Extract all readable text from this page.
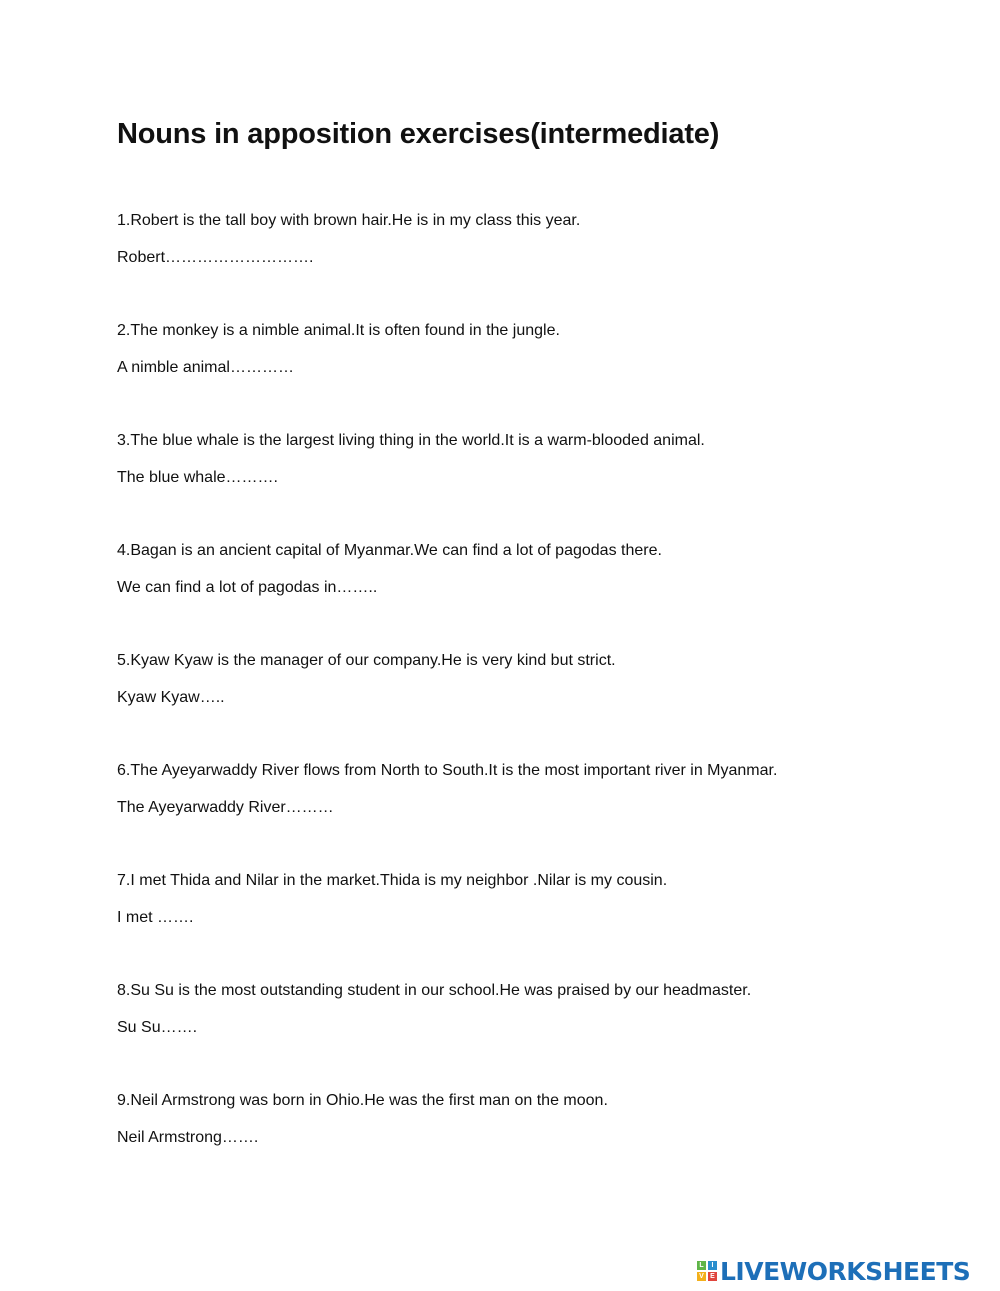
Nouns in apposition exercises(intermediate)
1.Robert is the tall boy with brown hair.He is in my class this year.
Robert……………………….
2.The monkey is a nimble animal.It is often found in the jungle.
A nimble animal…………
3.The blue whale is the largest living thing in the world.It is a warm-blooded animal.
The blue whale……….
4.Bagan is an ancient capital of Myanmar.We can find a lot of pagodas there.
We can find a lot of pagodas in……..
5.Kyaw Kyaw is the manager of our company.He is very kind but strict.
Kyaw Kyaw…..
6.The Ayeyarwaddy River flows from North to South.It is the most important river in Myanmar.
The Ayeyarwaddy River………
7.I met Thida and Nilar in the market.Thida is my neighbor .Nilar is my cousin.
I met …….
8.Su Su is the most outstanding student in our school.He was praised by our headmaster.
Su Su…….
9.Neil Armstrong was born in Ohio.He was the first man on the moon.
Neil Armstrong…….
L	I
V E LIVEWORKSHEETS
